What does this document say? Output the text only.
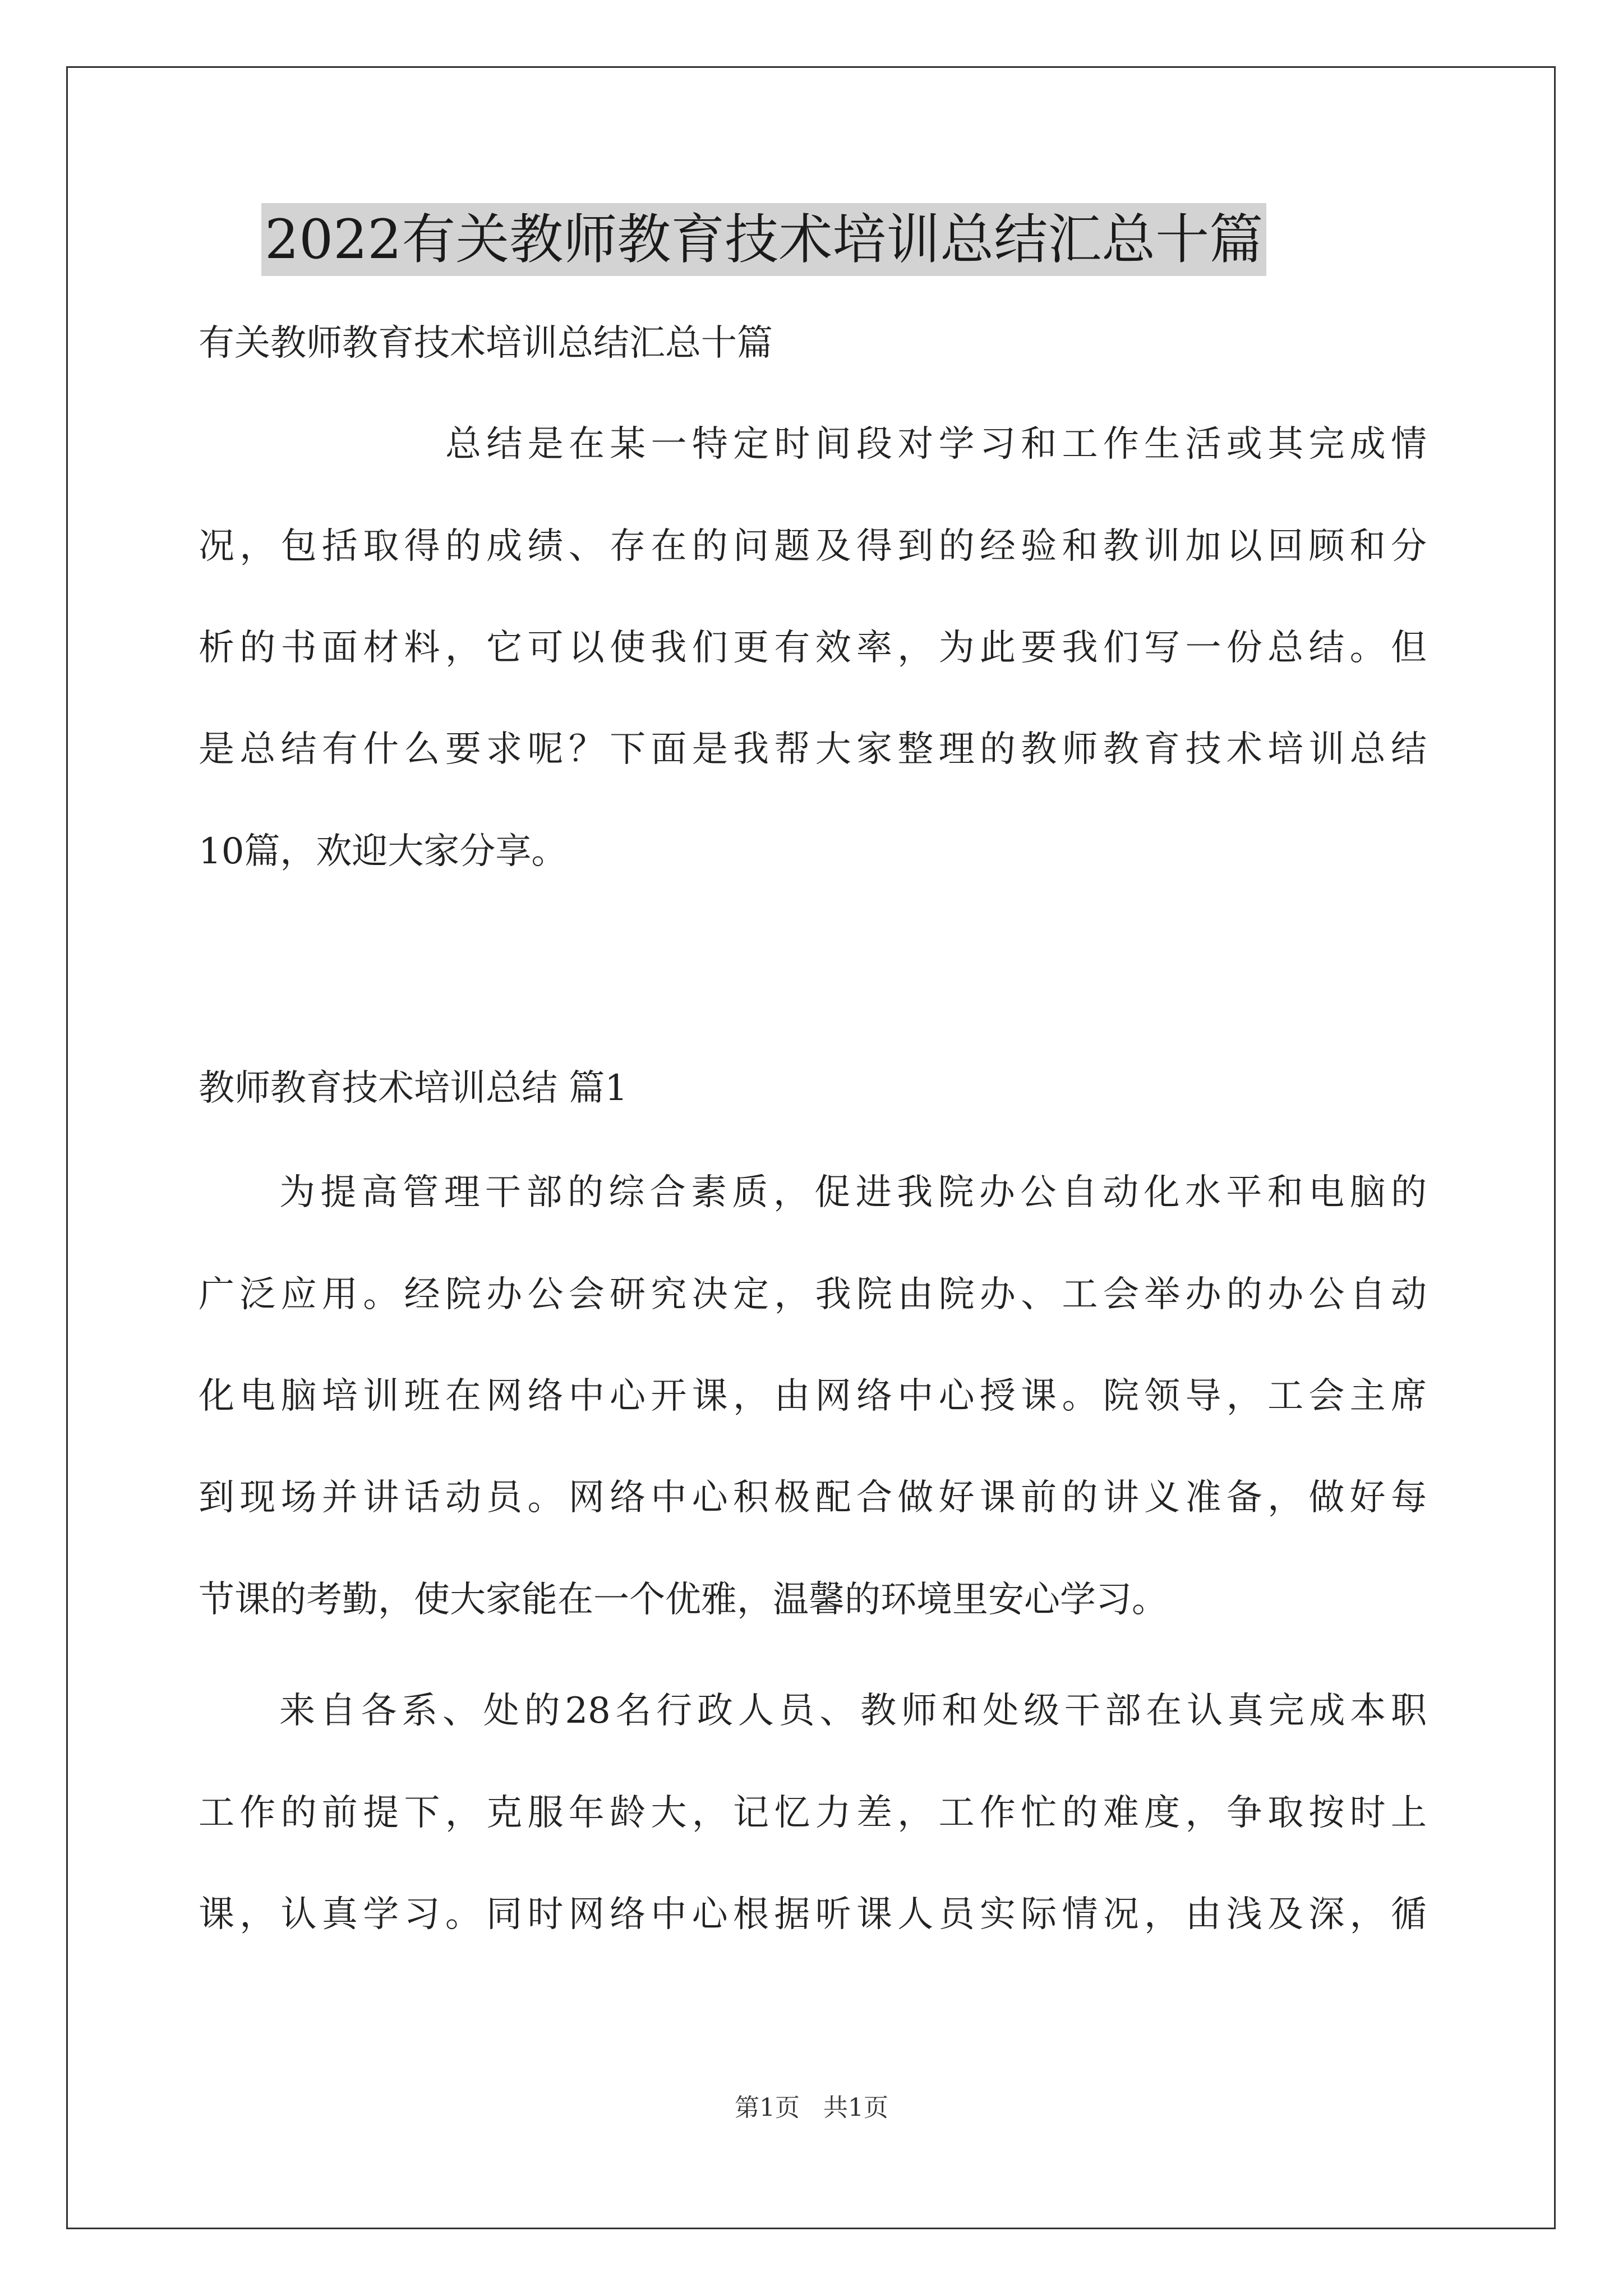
2022有关教师教育技术培训总结汇总十篇
有关教师教育技术培训总结汇总十篇
总结是在某一特定时间段对学习和工作生活或其完成情
况，包括取得的成绩、存在的问题及得到的经验和教训加以回顾和分
析的书面材料，它可以使我们更有效率，为此要我们写一份总结。但
是总结有什么要求呢？下面是我帮大家整理的教师教育技术培训总结
10篇，欢迎大家分享。
教师教育技术培训总结 篇1
为提高管理干部的综合素质，促进我院办公自动化水平和电脑的
广泛应用。经院办公会研究决定，我院由院办、工会举办的办公自动
化电脑培训班在网络中心开课，由网络中心授课。院领导，工会主席
到现场并讲话动员。网络中心积极配合做好课前的讲义准备，做好每
节课的考勤，使大家能在一个优雅，温馨的环境里安心学习。
来自各系、处的28名行政人员、教师和处级干部在认真完成本职
工作的前提下，克服年龄大，记忆力差，工作忙的难度，争取按时上
课，认真学习。同时网络中心根据听课人员实际情况，由浅及深，循
第1页   共1页
